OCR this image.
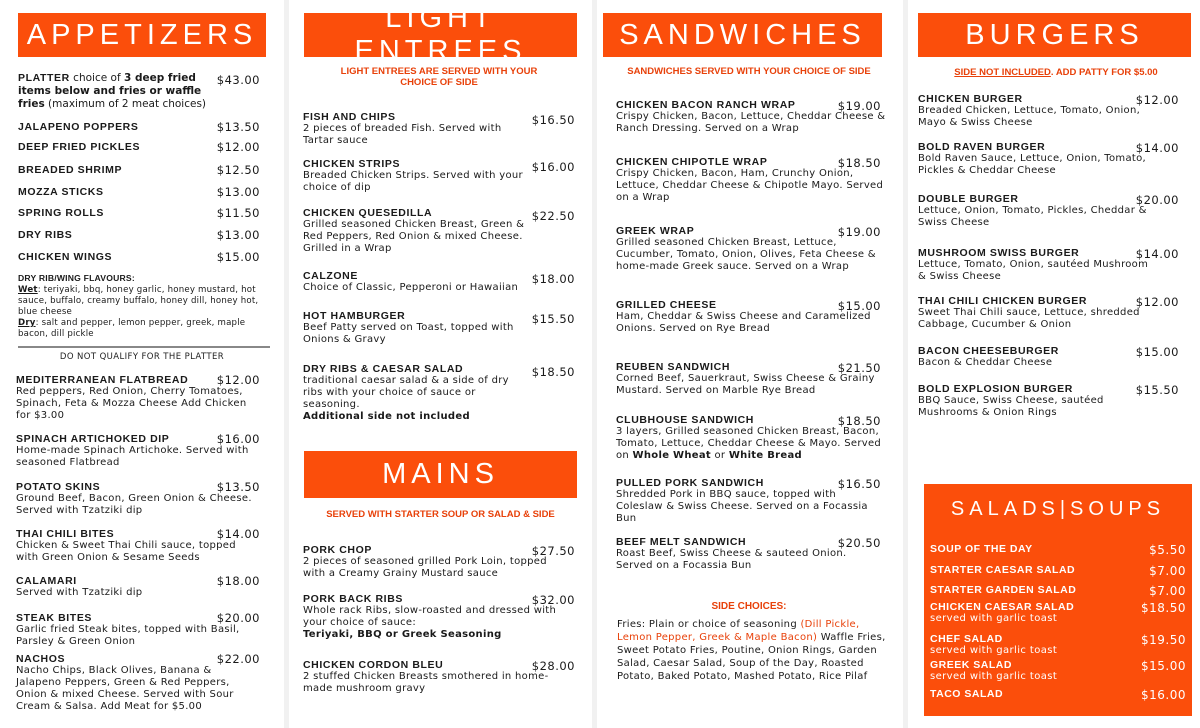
APPETIZERS
PLATTER choice of 3 deep fried items below and fries or waffle fries (maximum of 2 meat choices)
$43.00
JALAPENO POPPERS	$13.50
DEEP FRIED PICKLES	$12.00
BREADED SHRIMP	$12.50
MOZZA STICKS	$13.00
SPRING ROLLS	$11.50
DRY RIBS	$13.00
CHICKEN WINGS	$15.00
DRY RIB/WING FLAVOURS:
Wet: teriyaki, bbq, honey garlic, honey mustard, hot sauce, buffalo, creamy buffalo, honey dill, honey hot, blue cheese
Dry: salt and pepper, lemon pepper, greek, maple bacon, dill pickle
DO NOT QUALIFY FOR THE PLATTER
MEDITERRANEAN FLATBREAD
Red peppers, Red Onion, Cherry Tomatoes, Spinach, Feta & Mozza Cheese Add Chicken for $3.00
$12.00
SPINACH ARTICHOKED DIP
Home-made Spinach Artichoke. Served with seasoned Flatbread
$16.00
POTATO SKINS
Ground Beef, Bacon, Green Onion & Cheese. Served with Tzatziki dip
$13.50
THAI CHILI BITES
Chicken & Sweet Thai Chili sauce, topped with Green Onion & Sesame Seeds
$14.00
CALAMARI
Served with Tzatziki dip
$18.00
STEAK BITES
Garlic fried Steak bites, topped with Basil, Parsley & Green Onion
$20.00
NACHOS
Nacho Chips, Black Olives, Banana & Jalapeno Peppers, Green & Red Peppers, Onion & mixed Cheese. Served with Sour Cream & Salsa. Add Meat for $5.00
$22.00
LIGHT ENTREES
LIGHT ENTREES ARE SERVED WITH YOUR CHOICE OF SIDE
FISH AND CHIPS
2 pieces of breaded Fish. Served with Tartar sauce
$16.50
CHICKEN STRIPS
Breaded Chicken Strips. Served with your choice of dip
$16.00
CHICKEN QUESEDILLA
Grilled seasoned Chicken Breast, Green & Red Peppers, Red Onion & mixed Cheese. Grilled in a Wrap
$22.50
CALZONE
Choice of Classic, Pepperoni or Hawaiian
$18.00
HOT HAMBURGER
Beef Patty served on Toast, topped with Onions & Gravy
$15.50
DRY RIBS & CAESAR SALAD
traditional caesar salad & a side of dry ribs with your choice of sauce or seasoning.
Additional side not included
$18.50
MAINS
SERVED WITH STARTER SOUP OR SALAD & SIDE
PORK CHOP
2 pieces of seasoned grilled Pork Loin, topped with a Creamy Grainy Mustard sauce
$27.50
PORK BACK RIBS
Whole rack Ribs, slow-roasted and dressed with your choice of sauce:
Teriyaki, BBQ or Greek Seasoning
$32.00
CHICKEN CORDON BLEU
2 stuffed Chicken Breasts smothered in home-made mushroom gravy
$28.00
SANDWICHES
SANDWICHES SERVED WITH YOUR CHOICE OF SIDE
CHICKEN BACON RANCH WRAP
Crispy Chicken, Bacon, Lettuce, Cheddar Cheese & Ranch Dressing. Served on a Wrap
$19.00
CHICKEN CHIPOTLE WRAP
Crispy Chicken, Bacon, Ham, Crunchy Onion, Lettuce, Cheddar Cheese & Chipotle Mayo. Served on a Wrap
$18.50
GREEK WRAP
Grilled seasoned Chicken Breast, Lettuce, Cucumber, Tomato, Onion, Olives, Feta Cheese & home-made Greek sauce. Served on a Wrap
$19.00
GRILLED CHEESE
Ham, Cheddar & Swiss Cheese and Caramelized Onions. Served on Rye Bread
$15.00
REUBEN SANDWICH
Corned Beef, Sauerkraut, Swiss Cheese & Grainy Mustard. Served on Marble Rye Bread
$21.50
CLUBHOUSE SANDWICH
3 layers, Grilled seasoned Chicken Breast, Bacon, Tomato, Lettuce, Cheddar Cheese & Mayo. Served on Whole Wheat or White Bread
$18.50
PULLED PORK SANDWICH
Shredded Pork in BBQ sauce, topped with Coleslaw & Swiss Cheese. Served on a Focassia Bun
$16.50
BEEF MELT SANDWICH
Roast Beef, Swiss Cheese & sauteed Onion. Served on a Focassia Bun
$20.50
SIDE CHOICES:
Fries: Plain or choice of seasoning (Dill Pickle, Lemon Pepper, Greek & Maple Bacon) Waffle Fries, Sweet Potato Fries, Poutine, Onion Rings, Garden Salad, Caesar Salad, Soup of the Day, Roasted Potato, Baked Potato, Mashed Potato, Rice Pilaf
BURGERS
SIDE NOT INCLUDED. ADD PATTY FOR $5.00
CHICKEN BURGER
Breaded Chicken, Lettuce, Tomato, Onion, Mayo & Swiss Cheese
$12.00
BOLD RAVEN BURGER
Bold Raven Sauce, Lettuce, Onion, Tomato, Pickles & Cheddar Cheese
$14.00
DOUBLE BURGER
Lettuce, Onion, Tomato, Pickles, Cheddar & Swiss Cheese
$20.00
MUSHROOM SWISS BURGER
Lettuce, Tomato, Onion, sautéed Mushroom & Swiss Cheese
$14.00
THAI CHILI CHICKEN BURGER
Sweet Thai Chili sauce, Lettuce, shredded Cabbage, Cucumber & Onion
$12.00
BACON CHEESEBURGER
Bacon & Cheddar Cheese
$15.00
BOLD EXPLOSION BURGER
BBQ Sauce, Swiss Cheese, sautéed Mushrooms & Onion Rings
$15.50
SALADS|SOUPS
SOUP OF THE DAY	$5.50
STARTER CAESAR SALAD	$7.00
STARTER GARDEN SALAD	$7.00
CHICKEN CAESAR SALAD
served with garlic toast
$18.50
CHEF SALAD
served with garlic toast
$19.50
GREEK SALAD
served with garlic toast
$15.00
TACO SALAD	$16.00
